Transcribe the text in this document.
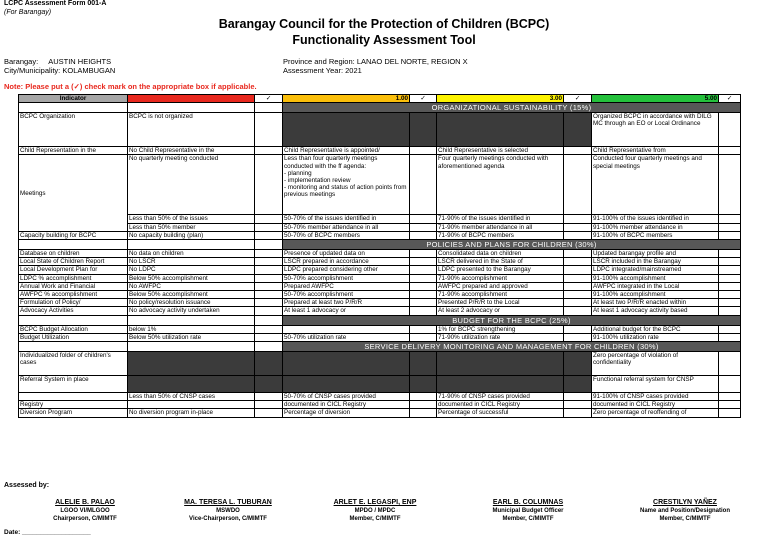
LCPC Assessment Form 001-A
(For Barangay)
Barangay Council for the Protection of Children (BCPC)
Functionality Assessment Tool
Barangay: AUSTIN HEIGHTS
City/Municipality: KOLAMBUGAN
Province and Region: LANAO DEL NORTE, REGION X
Assessment Year: 2021
Note: Please put a (✓) check mark on the appropriate box if applicable.
Indicator		✓	1.00	✓	3.00	✓	5.00	✓
			ORGANIZATIONAL SUSTAINABILITY (15%)					
BCPC Organization	BCPC is not organized						Organized BCPC in accordance with DILG MC through an EO or Local Ordinance	
Child Representation in the	No Child Representative in the		Child Representative is appointed/		Child Representative is selected		Child Representative from	
Meetings	No quarterly meeting conducted		Less than four quarterly meetings conducted with the ff agenda:
- planning
- implementation review
- monitoring and status of action points from previous meetings		Four quarterly meetings conducted with aforementioned agenda		Conducted four quarterly meetings and special meetings	
	Less than 50% of the issues		50-70% of the issues identified in		71-90% of the issues identified in		91-100% of the issues identified in	
	Less than 50% member		50-70% member attendance in all		71-90% member attendance in all		91-100% member attendance in	
Capacity building for BCPC	No capacity building (plan)		50-70% of BCPC members		71-90% of BCPC members		91-100% of BCPC members	
			POLICIES AND PLANS FOR CHILDREN (30%)					
Database on children	No data on children		Presence of updated data on		Consolidated data on children		Updated barangay profile and	
Local State of Children Report	No LSCR		LSCR prepared in accordance		LSCR delivered in the State of		LSCR included in the Barangay	
Local Development Plan for	No LDPC		LDPC prepared considering other		LDPC presented to the Barangay		LDPC integrated/mainstreamed	
LDPC % accomplishment	Below 50% accomplishment		50-70% accomplishment		71-90% accomplishment		91-100% accomplishment	
Annual Work and Financial	No AWFPC		Prepared AWFPC		AWFPC prepared and approved		AWFPC integrated in the Local	
AWFPC % accomplishment	Below 50% accomplishment		50-70% accomplishment		71-90% accomplishment		91-100% accomplishment	
Formulation of Policy/	No policy/resolution issuance		Prepared at least two P/R/R		Presented P/R/R to the Local		At least two P/R/R enacted within	
Advocacy Activities	No advocacy activity undertaken		At least 1 advocacy or		At least 2 advocacy or		At least 1 advocacy activity based	
			BUDGET FOR THE BCPC (25%)					
BCPC Budget Allocation	below 1%				1% for BCPC strengthening		Additional budget for the BCPC	
Budget Utilization	Below 50% utilization rate		50-70% utilization rate		71-90% utilization rate		91-100% utilization rate	
			SERVICE DELIVERY MONITORING AND MANAGEMENT FOR CHILDREN (30%)					
Individualized folder of children's cases							Zero percentage of violation of confidentiality	
Referral System in place							Functional referral system for CNSP	
	Less than 50% of CNSP cases		50-70% of CNSP cases provided		71-90% of CNSP cases provided		91-100% of CNSP cases provided	
Registry			documented in CICL Registry		documented in CICL Registry		documented in CICL Registry	
Diversion Program	No diversion program in-place		Percentage of diversion		Percentage of successful		Zero percentage of reoffending of	
Assessed by:
ALELIE B. PALAO
LGOO VI/MLGOO
Chairperson, C/MIMTF
MA. TERESA L. TUBURAN
MSWDO
Vice-Chairperson, C/MIMTF
ARLET E. LEGASPI, ENP
MPDO / MPDC
Member, C/MIMTF
EARL B. COLUMNAS
Municipal Budget Officer
Member, C/MIMTF
CRESTILYN YAÑEZ
Name and Position/Designation
Member, C/MIMTF
Date: ___________________
